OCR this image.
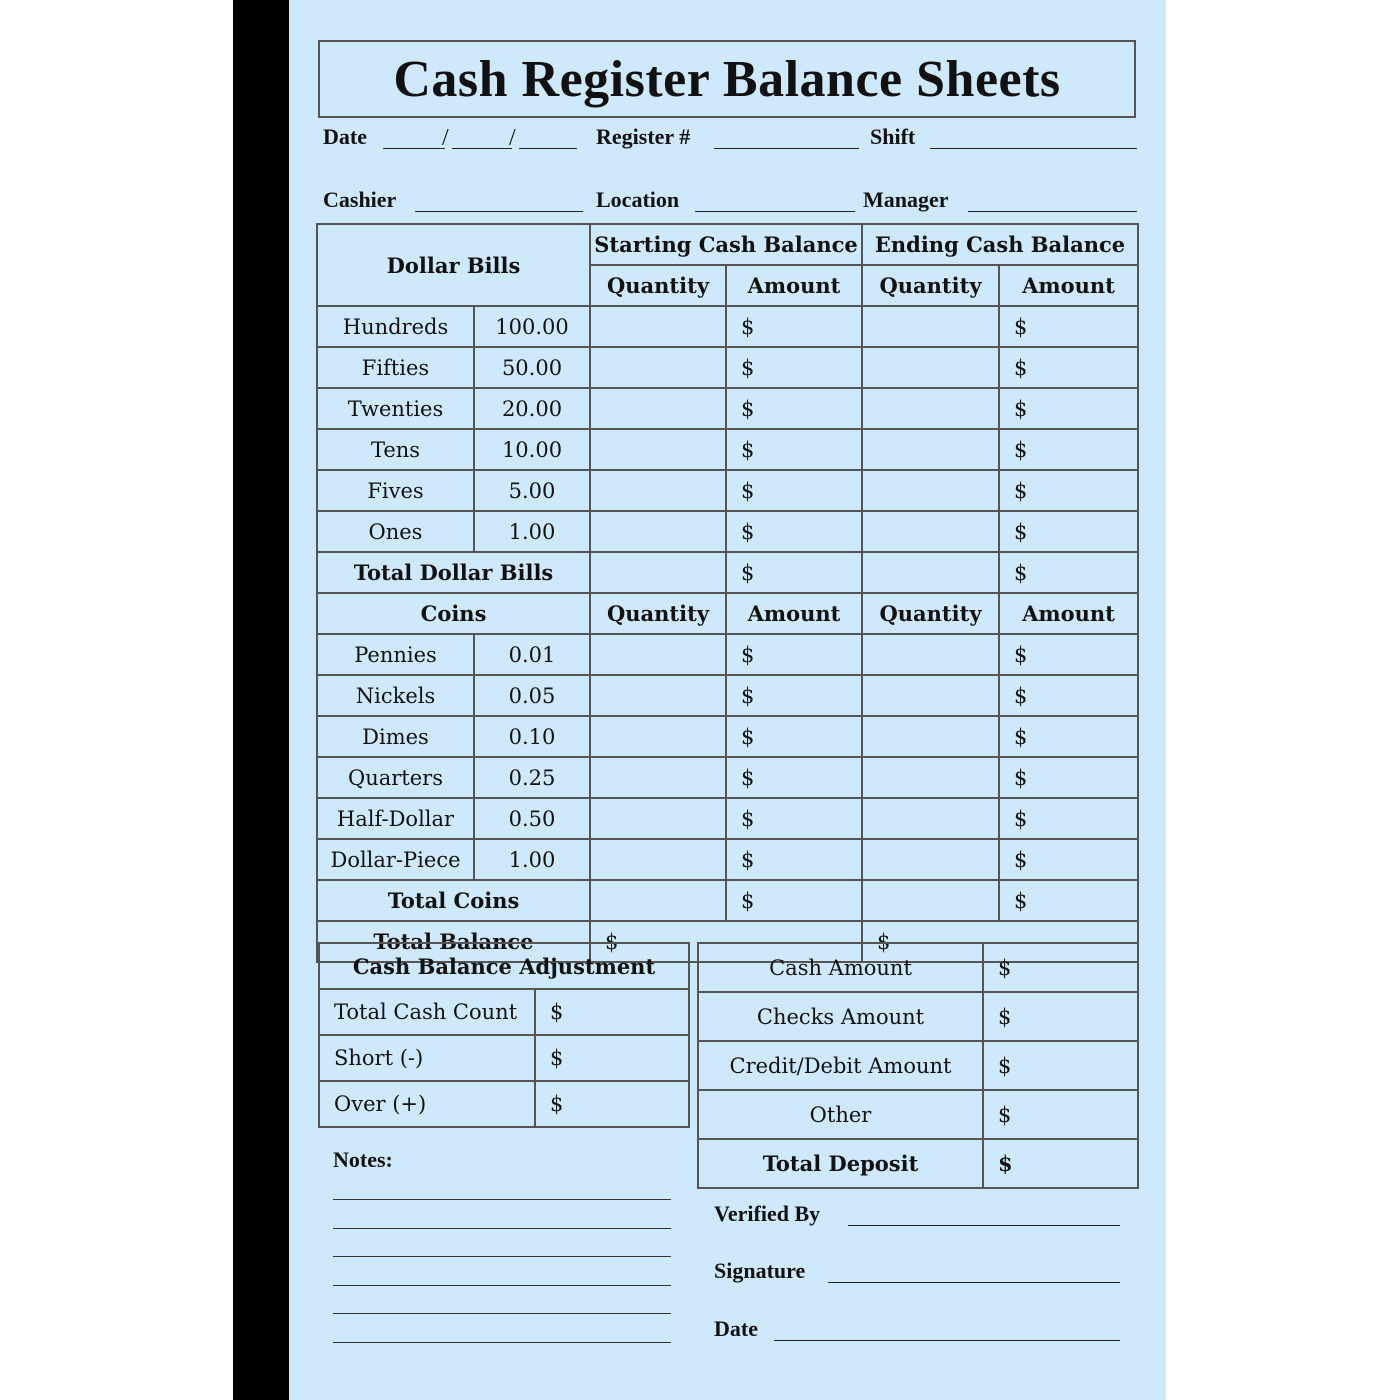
Cash Register Balance Sheets
Date	/	/	Register #	Shift
Cashier	Location	Manager
Dollar Bills		Starting Cash Balance		Ending Cash Balance	
		Quantity	Amount	Quantity	Amount
Hundreds	100.00		$		$
Fifties	50.00		$		$
Twenties	20.00		$		$
Tens	10.00		$		$
Fives	5.00		$		$
Ones	1.00		$		$
Total Dollar Bills			$		$
Coins		Quantity	Amount	Quantity	Amount
Pennies	0.01		$		$
Nickels	0.05		$		$
Dimes	0.10		$		$
Quarters	0.25		$		$
Half-Dollar	0.50		$		$
Dollar-Piece	1.00		$		$
Total Coins			$		$
Total Balance		$		$	
Cash Balance Adjustment	
Total Cash Count	$
Short (-)	$
Over (+)	$
Cash Amount	$
Checks Amount	$
Credit/Debit Amount	$
Other	$
Total Deposit	$
Notes:
Verified By
Signature
Date
